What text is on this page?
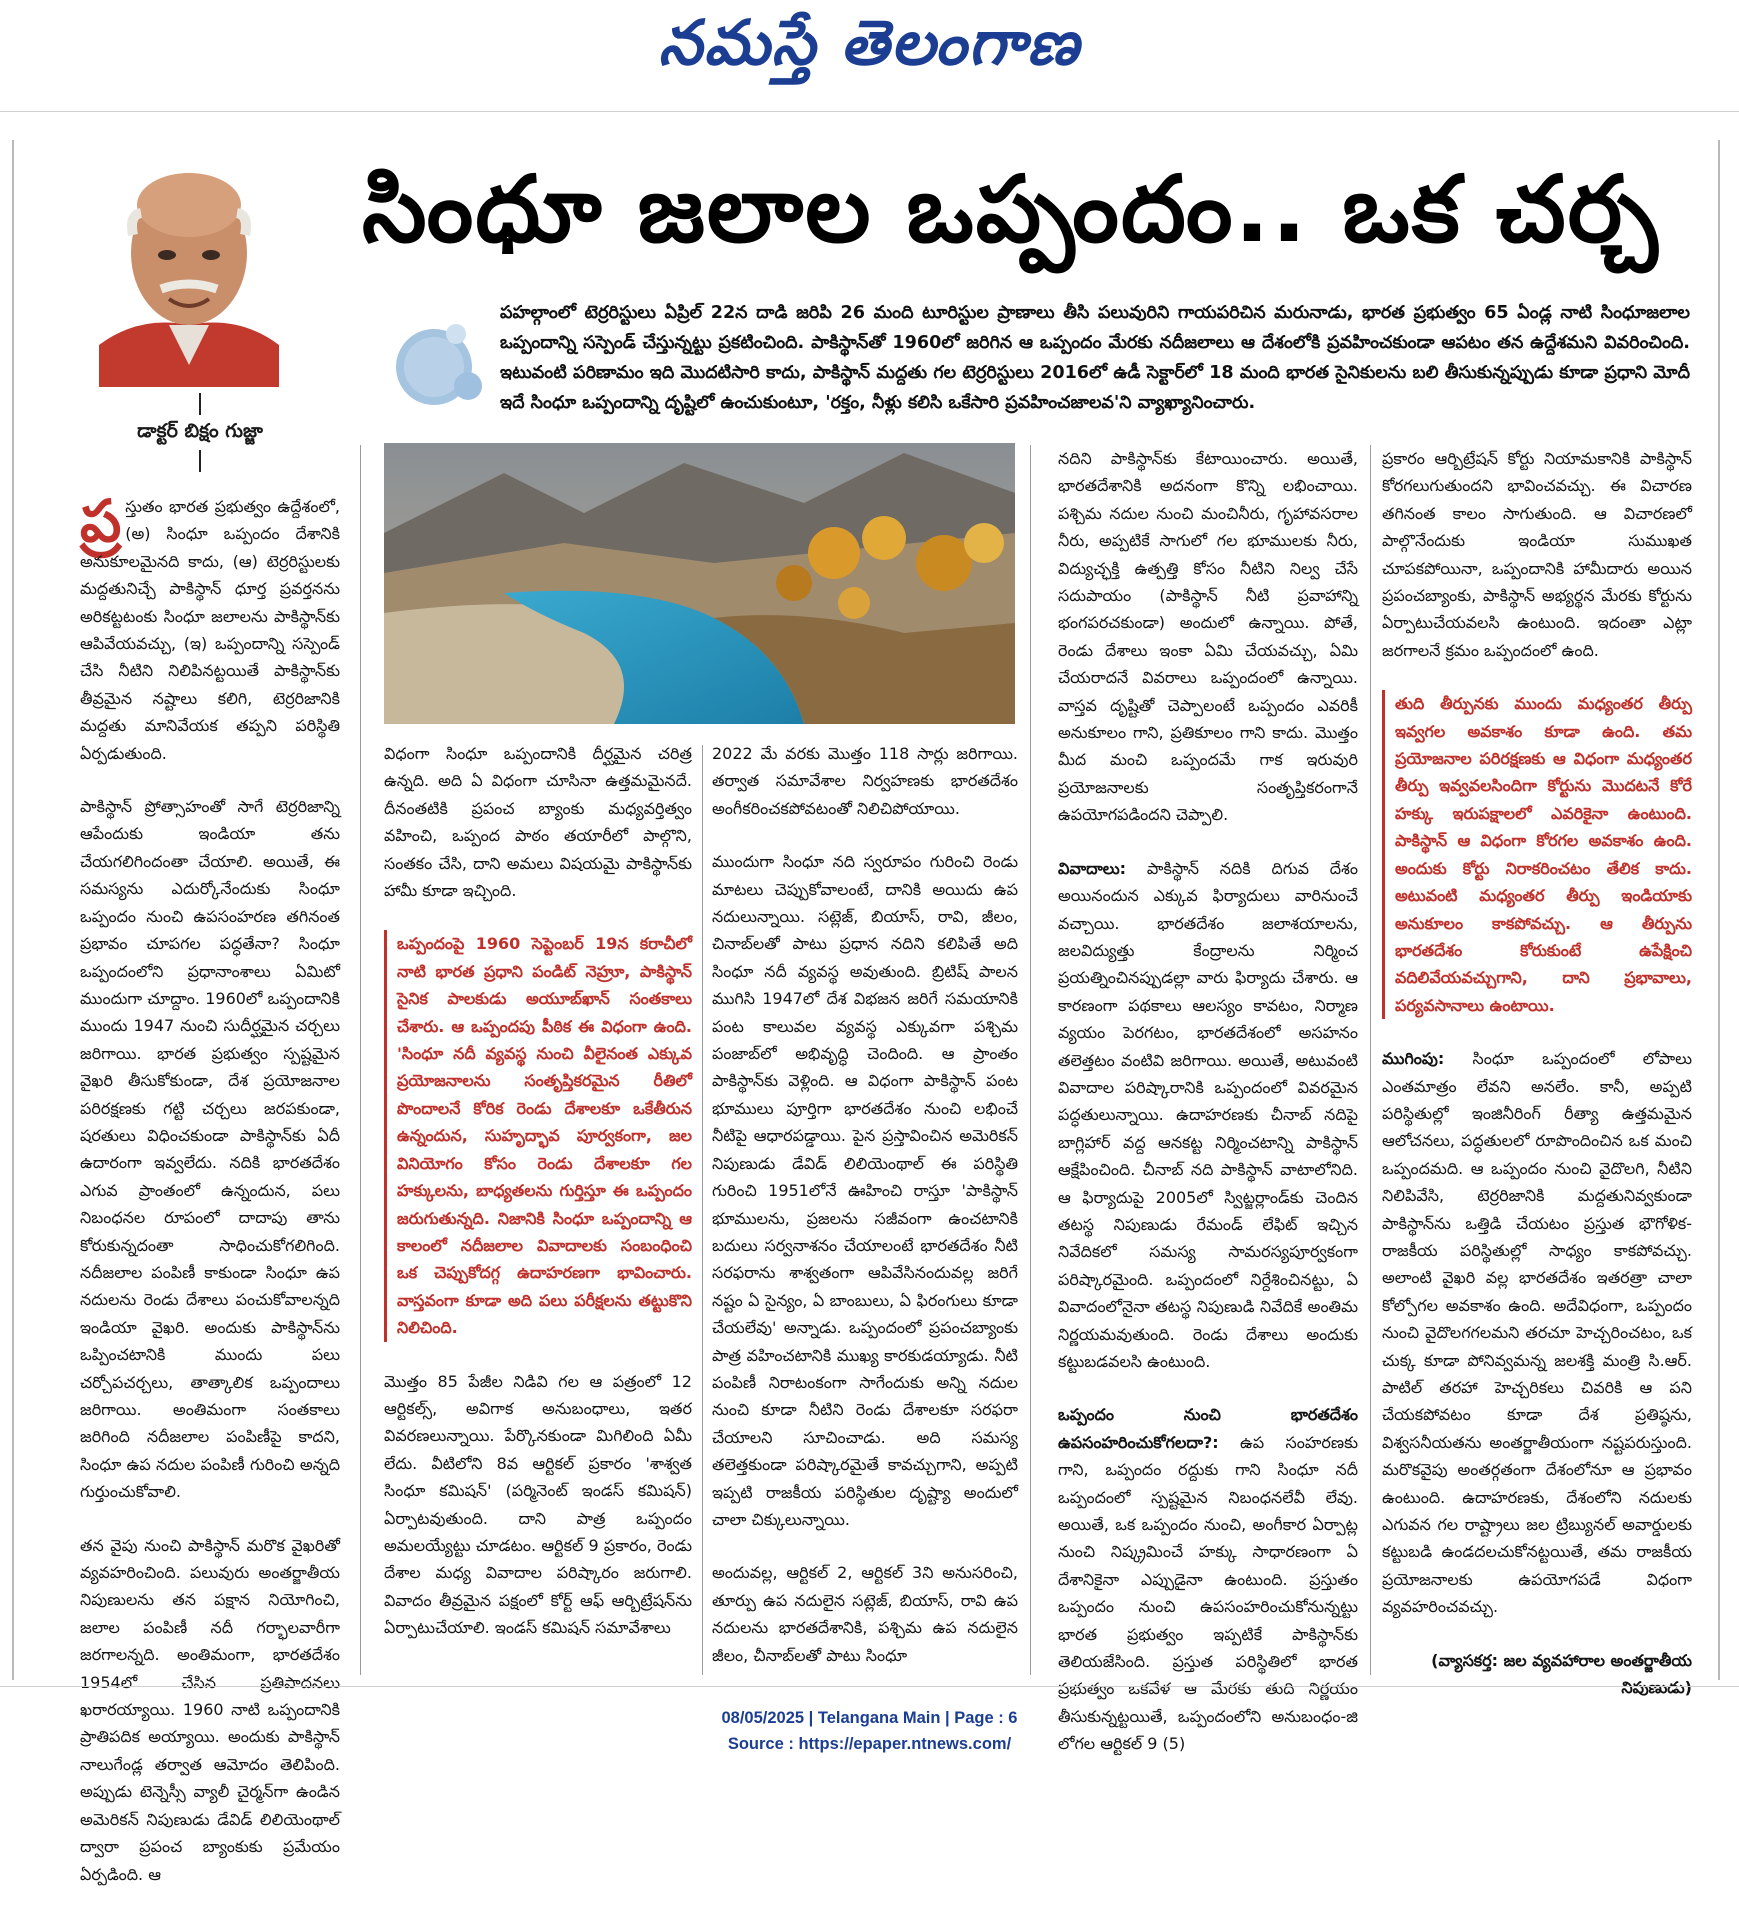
నమస్తే తెలంగాణ
డాక్టర్ బిక్షం గుజ్జా
సింధూ జలాల ఒప్పందం.. ఒక చర్చ
పహల్గాంలో టెర్రరిస్టులు ఏప్రిల్ 22న దాడి జరిపి 26 మంది టూరిస్టుల ప్రాణాలు తీసి పలువురిని గాయపరిచిన మరునాడు, భారత ప్రభుత్వం 65 ఏండ్ల నాటి సింధూజలాల ఒప్పందాన్ని సస్పెండ్ చేస్తున్నట్టు ప్రకటించింది. పాకిస్థాన్‌తో 1960లో జరిగిన ఆ ఒప్పందం మేరకు నదీజలాలు ఆ దేశంలోకి ప్రవహించకుండా ఆపటం తన ఉద్దేశమని వివరించింది. ఇటువంటి పరిణామం ఇది మొదటిసారి కాదు, పాకిస్థాన్ మద్దతు గల టెర్రరిస్టులు 2016లో ఉడీ సెక్టార్‌లో 18 మంది భారత సైనికులను బలి తీసుకున్నప్పుడు కూడా ప్రధాని మోదీ ఇదే సింధూ ఒప్పందాన్ని దృష్టిలో ఉంచుకుంటూ, 'రక్తం, నీళ్లు కలిసి ఒకేసారి ప్రవహించజాలవ'ని వ్యాఖ్యానించారు.

ప్ర స్తుతం భారత ప్రభుత్వం ఉద్దేశంలో, (అ) సింధూ ఒప్పందం దేశానికి అనుకూలమైనది కాదు, (ఆ) టెర్రరిస్టులకు మద్దతునిచ్చే పాకిస్థాన్ ధూర్త ప్రవర్తనను అరికట్టటంకు సింధూ జలాలను పాకిస్థాన్‌కు ఆపివేయవచ్చు, (ఇ) ఒప్పందాన్ని సస్పెండ్ చేసి నీటిని నిలిపినట్టయితే పాకిస్థాన్‌కు తీవ్రమైన నష్టాలు కలిగి, టెర్రరిజానికి మద్దతు మానివేయక తప్పని పరిస్థితి ఏర్పడుతుంది.

పాకిస్థాన్ ప్రోత్సాహంతో సాగే టెర్రరిజాన్ని ఆపేందుకు ఇండియా తను చేయగలిగిందంతా చేయాలి. అయితే, ఈ సమస్యను ఎదుర్కోనేందుకు సింధూ ఒప్పందం నుంచి ఉపసంహరణ తగినంత ప్రభావం చూపగల పద్ధతేనా? సింధూ ఒప్పందంలోని ప్రధానాంశాలు ఏమిటో ముందుగా చూద్దాం. 1960లో ఒప్పందానికి ముందు 1947 నుంచి సుదీర్ఘమైన చర్చలు జరిగాయి. భారత ప్రభుత్వం స్పష్టమైన వైఖరి తీసుకోకుండా, దేశ ప్రయోజనాల పరిరక్షణకు గట్టి చర్చలు జరపకుండా, షరతులు విధించకుండా పాకిస్థాన్‌కు ఏదీ ఉదారంగా ఇవ్వలేదు. నదికి భారతదేశం ఎగువ ప్రాంతంలో ఉన్నందున, పలు నిబంధనల రూపంలో దాదాపు తాను కోరుకున్నదంతా సాధించుకోగలిగింది. నదీజలాల పంపిణీ కాకుండా సింధూ ఉప నదులను రెండు దేశాలు పంచుకోవాలన్నది ఇండియా వైఖరి. అందుకు పాకిస్థాన్‌ను ఒప్పించటానికి ముందు పలు చర్చోపచర్చలు, తాత్కాలిక ఒప్పందాలు జరిగాయి. అంతిమంగా సంతకాలు జరిగింది నదీజలాల పంపిణీపై కాదని, సింధూ ఉప నదుల పంపిణీ గురించి అన్నది గుర్తుంచుకోవాలి.

తన వైపు నుంచి పాకిస్థాన్ మరొక వైఖరితో వ్యవహరించింది. పలువురు అంతర్జాతీయ నిపుణులను తన పక్షాన నియోగించి, జలాల పంపిణీ నదీ గర్భాలవారీగా జరగాలన్నది. అంతిమంగా, భారతదేశం 1954లో చేసిన ప్రతిపాదనలు ఖరారయ్యాయి. 1960 నాటి ఒప్పందానికి ప్రాతిపదిక అయ్యాయి. అందుకు పాకిస్థాన్ నాలుగేండ్ల తర్వాత ఆమోదం తెలిపింది. అప్పుడు టెన్నెస్సీ వ్యాలీ చైర్మన్‌గా ఉండిన అమెరికన్ నిపుణుడు డేవిడ్ లిలియెంథాల్ ద్వారా ప్రపంచ బ్యాంకుకు ప్రమేయం ఏర్పడింది. ఆ

విధంగా సింధూ ఒప్పందానికి దీర్ఘమైన చరిత్ర ఉన్నది. అది ఏ విధంగా చూసినా ఉత్తమమైనదే. దీనంతటికి ప్రపంచ బ్యాంకు మధ్యవర్తిత్వం వహించి, ఒప్పంద పాఠం తయారీలో పాల్గొని, సంతకం చేసి, దాని అమలు విషయమై పాకిస్థాన్‌కు హామీ కూడా ఇచ్చింది.

ఒప్పందంపై 1960 సెప్టెంబర్ 19న కరాచీలో నాటి భారత ప్రధాని పండిట్ నెహ్రూ, పాకిస్థాన్ సైనిక పాలకుడు అయూబ్‌ఖాన్ సంతకాలు చేశారు. ఆ ఒప్పందపు పీఠిక ఈ విధంగా ఉంది. 'సింధూ నదీ వ్యవస్థ నుంచి వీలైనంత ఎక్కువ ప్రయోజనాలను సంతృప్తికరమైన రీతిలో పొందాలనే కోరిక రెండు దేశాలకూ ఒకేతీరున ఉన్నందున, సుహృద్భావ పూర్వకంగా, జల వినియోగం కోసం రెండు దేశాలకూ గల హక్కులను, బాధ్యతలను గుర్తిస్తూ ఈ ఒప్పందం జరుగుతున్నది. నిజానికి సింధూ ఒప్పందాన్ని ఆ కాలంలో నదీజలాల వివాదాలకు సంబంధించి ఒక చెప్పుకోదగ్గ ఉదాహరణగా భావించారు. వాస్తవంగా కూడా అది పలు పరీక్షలను తట్టుకొని నిలిచింది.

మొత్తం 85 పేజీల నిడివి గల ఆ పత్రంలో 12 ఆర్టికల్స్, అవిగాక అనుబంధాలు, ఇతర వివరణలున్నాయి. పేర్కొనకుండా మిగిలింది ఏమీ లేదు. వీటిలోని 8వ ఆర్టికల్ ప్రకారం 'శాశ్వత సింధూ కమిషన్' (పర్మినెంట్ ఇండస్ కమిషన్) ఏర్పాటవుతుంది. దాని పాత్ర ఒప్పందం అమలయ్యేట్టు చూడటం. ఆర్టికల్ 9 ప్రకారం, రెండు దేశాల మధ్య వివాదాల పరిష్కారం జరుగాలి. వివాదం తీవ్రమైన పక్షంలో కోర్ట్ ఆఫ్ ఆర్బిట్రేషన్‌ను ఏర్పాటుచేయాలి. ఇండస్ కమిషన్ సమావేశాలు

2022 మే వరకు మొత్తం 118 సార్లు జరిగాయి. తర్వాత సమావేశాల నిర్వహణకు భారతదేశం అంగీకరించకపోవటంతో నిలిచిపోయాయి.

ముందుగా సింధూ నది స్వరూపం గురించి రెండు మాటలు చెప్పుకోవాలంటే, దానికి అయిదు ఉప నదులున్నాయి. సట్లెజ్, బియాస్, రావి, జీలం, చినాబ్‌లతో పాటు ప్రధాన నదిని కలిపితే అది సింధూ నదీ వ్యవస్థ అవుతుంది. బ్రిటిష్ పాలన ముగిసి 1947లో దేశ విభజన జరిగే సమయానికి పంట కాలువల వ్యవస్థ ఎక్కువగా పశ్చిమ పంజాబ్‌లో అభివృద్ధి చెందింది. ఆ ప్రాంతం పాకిస్థాన్‌కు వెళ్లింది. ఆ విధంగా పాకిస్థాన్ పంట భూములు పూర్తిగా భారతదేశం నుంచి లభించే నీటిపై ఆధారపడ్డాయి. పైన ప్రస్తావించిన అమెరికన్ నిపుణుడు డేవిడ్ లిలియెంథాల్ ఈ పరిస్థితి గురించి 1951లోనే ఊహించి రాస్తూ 'పాకిస్థాన్ భూములను, ప్రజలను సజీవంగా ఉంచటానికి బదులు సర్వనాశనం చేయాలంటే భారతదేశం నీటి సరఫరాను శాశ్వతంగా ఆపివేసినందువల్ల జరిగే నష్టం ఏ సైన్యం, ఏ బాంబులు, ఏ ఫిరంగులు కూడా చేయలేవు' అన్నాడు. ఒప్పందంలో ప్రపంచబ్యాంకు పాత్ర వహించటానికి ముఖ్య కారకుడయ్యాడు. నీటి పంపిణీ నిరాటంకంగా సాగేందుకు అన్ని నదుల నుంచి కూడా నీటిని రెండు దేశాలకూ సరఫరా చేయాలని సూచించాడు. అది సమస్య తలెత్తకుండా పరిష్కారమైతే కావచ్చుగాని, అప్పటి ఇప్పటి రాజకీయ పరిస్థితుల దృష్ట్యా అందులో చాలా చిక్కులున్నాయి.

అందువల్ల, ఆర్టికల్ 2, ఆర్టికల్ 3ని అనుసరించి, తూర్పు ఉప నదులైన సట్లెజ్, బియాస్, రావి ఉప నదులను భారతదేశానికి, పశ్చిమ ఉప నదులైన జీలం, చీనాబ్‌లతో పాటు సింధూ

నదిని పాకిస్థాన్‌కు కేటాయించారు. అయితే, భారతదేశానికి అదనంగా కొన్ని లభించాయి. పశ్చిమ నదుల నుంచి మంచినీరు, గృహావసరాల నీరు, అప్పటికే సాగులో గల భూములకు నీరు, విద్యుచ్ఛక్తి ఉత్పత్తి కోసం నీటిని నిల్వ చేసే సదుపాయం (పాకిస్థాన్ నీటి ప్రవాహాన్ని భంగపరచకుండా) అందులో ఉన్నాయి. పోతే, రెండు దేశాలు ఇంకా ఏమి చేయవచ్చు, ఏమి చేయరాదనే వివరాలు ఒప్పందంలో ఉన్నాయి. వాస్తవ దృష్టితో చెప్పాలంటే ఒప్పందం ఎవరికీ అనుకూలం గాని, ప్రతికూలం గాని కాదు. మొత్తం మీద మంచి ఒప్పందమే గాక ఇరువురి ప్రయోజనాలకు సంతృప్తికరంగానే ఉపయోగపడిందని చెప్పాలి.

వివాదాలు: పాకిస్థాన్ నదికి దిగువ దేశం అయినందున ఎక్కువ ఫిర్యాదులు వారినుంచే వచ్చాయి. భారతదేశం జలాశయాలను, జలవిద్యుత్తు కేంద్రాలను నిర్మించ ప్రయత్నించినప్పుడల్లా వారు ఫిర్యాదు చేశారు. ఆ కారణంగా పథకాలు ఆలస్యం కావటం, నిర్మాణ వ్యయం పెరగటం, భారతదేశంలో అసహనం తలెత్తటం వంటివి జరిగాయి. అయితే, అటువంటి వివాదాల పరిష్కారానికి ఒప్పందంలో వివరమైన పద్ధతులున్నాయి. ఉదాహరణకు చీనాబ్ నదిపై బాగ్లిహార్ వద్ద ఆనకట్ట నిర్మించటాన్ని పాకిస్థాన్ ఆక్షేపించింది. చీనాబ్ నది పాకిస్థాన్ వాటాలోనిది. ఆ ఫిర్యాదుపై 2005లో స్విట్జర్లాండ్‌కు చెందిన తటస్థ నిపుణుడు రేమండ్ లేఫిట్ ఇచ్చిన నివేదికలో సమస్య సామరస్యపూర్వకంగా పరిష్కారమైంది. ఒప్పందంలో నిర్దేశించినట్టు, ఏ వివాదంలోనైనా తటస్థ నిపుణుడి నివేదికే అంతిమ నిర్ణయమవుతుంది. రెండు దేశాలు అందుకు కట్టుబడవలసి ఉంటుంది.

ఒప్పందం నుంచి భారతదేశం ఉపసంహరించుకోగలదా?: ఉప సంహరణకు గాని, ఒప్పందం రద్దుకు గాని సింధూ నదీ ఒప్పందంలో స్పష్టమైన నిబంధనలేవీ లేవు. అయితే, ఒక ఒప్పందం నుంచి, అంగీకార ఏర్పాట్ల నుంచి నిష్క్రమించే హక్కు సాధారణంగా ఏ దేశానికైనా ఎప్పుడైనా ఉంటుంది. ప్రస్తుతం ఒప్పందం నుంచి ఉపసంహరించుకోనున్నట్టు భారత ప్రభుత్వం ఇప్పటికే పాకిస్థాన్‌కు తెలియజేసింది. ప్రస్తుత పరిస్థితిలో భారత ప్రభుత్వం ఒకవేళ ఆ మేరకు తుది నిర్ణయం తీసుకున్నట్టయితే, ఒప్పందంలోని అనుబంధం-జి లోగల ఆర్టికల్ 9 (5)

ప్రకారం ఆర్బిట్రేషన్ కోర్టు నియామకానికి పాకిస్థాన్ కోరగలుగుతుందని భావించవచ్చు. ఈ విచారణ తగినంత కాలం సాగుతుంది. ఆ విచారణలో పాల్గొనేందుకు ఇండియా సుముఖత చూపకపోయినా, ఒప్పందానికి హామీదారు అయిన ప్రపంచబ్యాంకు, పాకిస్థాన్ అభ్యర్థన మేరకు కోర్టును ఏర్పాటుచేయవలసి ఉంటుంది. ఇదంతా ఎట్లా జరగాలనే క్రమం ఒప్పందంలో ఉంది.

తుది తీర్పునకు ముందు మధ్యంతర తీర్పు ఇవ్వగల అవకాశం కూడా ఉంది. తమ ప్రయోజనాల పరిరక్షణకు ఆ విధంగా మధ్యంతర తీర్పు ఇవ్వవలసిందిగా కోర్టును మొదటనే కోరే హక్కు ఇరుపక్షాలలో ఎవరికైనా ఉంటుంది. పాకిస్థాన్ ఆ విధంగా కోరగల అవకాశం ఉంది. అందుకు కోర్టు నిరాకరించటం తేలిక కాదు. అటువంటి మధ్యంతర తీర్పు ఇండియాకు అనుకూలం కాకపోవచ్చు. ఆ తీర్పును భారతదేశం కోరుకుంటే ఉపేక్షించి వదిలివేయవచ్చుగాని, దాని ప్రభావాలు, పర్యవసానాలు ఉంటాయి.

ముగింపు: సింధూ ఒప్పందంలో లోపాలు ఎంతమాత్రం లేవని అనలేం. కానీ, అప్పటి పరిస్థితుల్లో ఇంజినీరింగ్ రీత్యా ఉత్తమమైన ఆలోచనలు, పద్ధతులలో రూపొందించిన ఒక మంచి ఒప్పందమది. ఆ ఒప్పందం నుంచి వైదొలగి, నీటిని నిలిపివేసి, టెర్రరిజానికి మద్దతునివ్వకుండా పాకిస్థాన్‌ను ఒత్తిడి చేయటం ప్రస్తుత భౌగోళిక-రాజకీయ పరిస్థితుల్లో సాధ్యం కాకపోవచ్చు. అలాంటి వైఖరి వల్ల భారతదేశం ఇతరత్రా చాలా కోల్పోగల అవకాశం ఉంది. అదేవిధంగా, ఒప్పందం నుంచి వైదొలగగలమని తరచూ హెచ్చరించటం, ఒక చుక్క కూడా పోనివ్వమన్న జలశక్తి మంత్రి సి.ఆర్. పాటిల్ తరహా హెచ్చరికలు చివరికి ఆ పని చేయకపోవటం కూడా దేశ ప్రతిష్ఠను, విశ్వసనీయతను అంతర్జాతీయంగా నష్టపరుస్తుంది. మరొకవైపు అంతర్గతంగా దేశంలోనూ ఆ ప్రభావం ఉంటుంది. ఉదాహరణకు, దేశంలోని నదులకు ఎగువన గల రాష్ట్రాలు జల ట్రిబ్యునల్ అవార్డులకు కట్టుబడి ఉండదలచుకోనట్టయితే, తమ రాజకీయ ప్రయోజనాలకు ఉపయోగపడే విధంగా వ్యవహరించవచ్చు.

(వ్యాసకర్త: జల వ్యవహారాల అంతర్జాతీయ నిపుణుడు)

08/05/2025 | Telangana Main | Page : 6
Source : https://epaper.ntnews.com/
